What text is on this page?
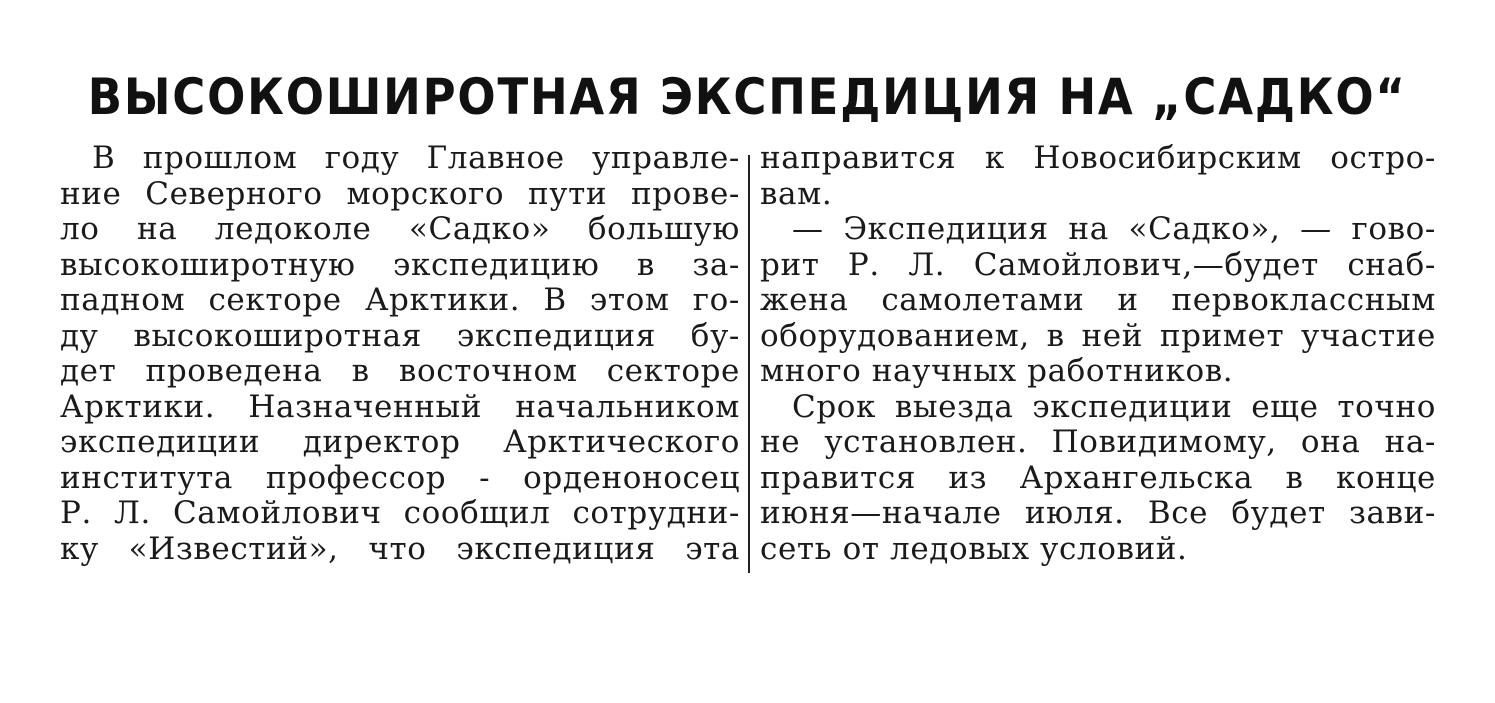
ВЫСОКОШИРОТНАЯ ЭКСПЕДИЦИЯ НА „САДКО“
В прошлом году Главное управле-
ние Северного морского пути прове-
ло на ледоколе «Садко» большую
высокоширотную экспедицию в за-
падном секторе Арктики. В этом го-
ду высокоширотная экспедиция бу-
дет проведена в восточном секторе
Арктики. Назначенный начальником
экспедиции директор Арктического
института профессор - орденоносец
Р. Л. Самойлович сообщил сотрудни-
ку «Известий», что экспедиция эта
направится к Новосибирским остро-
вам.
— Экспедиция на «Садко», — гово-
рит Р. Л. Самойлович,—будет снаб-
жена самолетами и первоклассным
оборудованием, в ней примет участие
много научных работников.
Срок выезда экспедиции еще точно
не установлен. Повидимому, она на-
правится из Архангельска в конце
июня—начале июля. Все будет зави-
сеть от ледовых условий.
